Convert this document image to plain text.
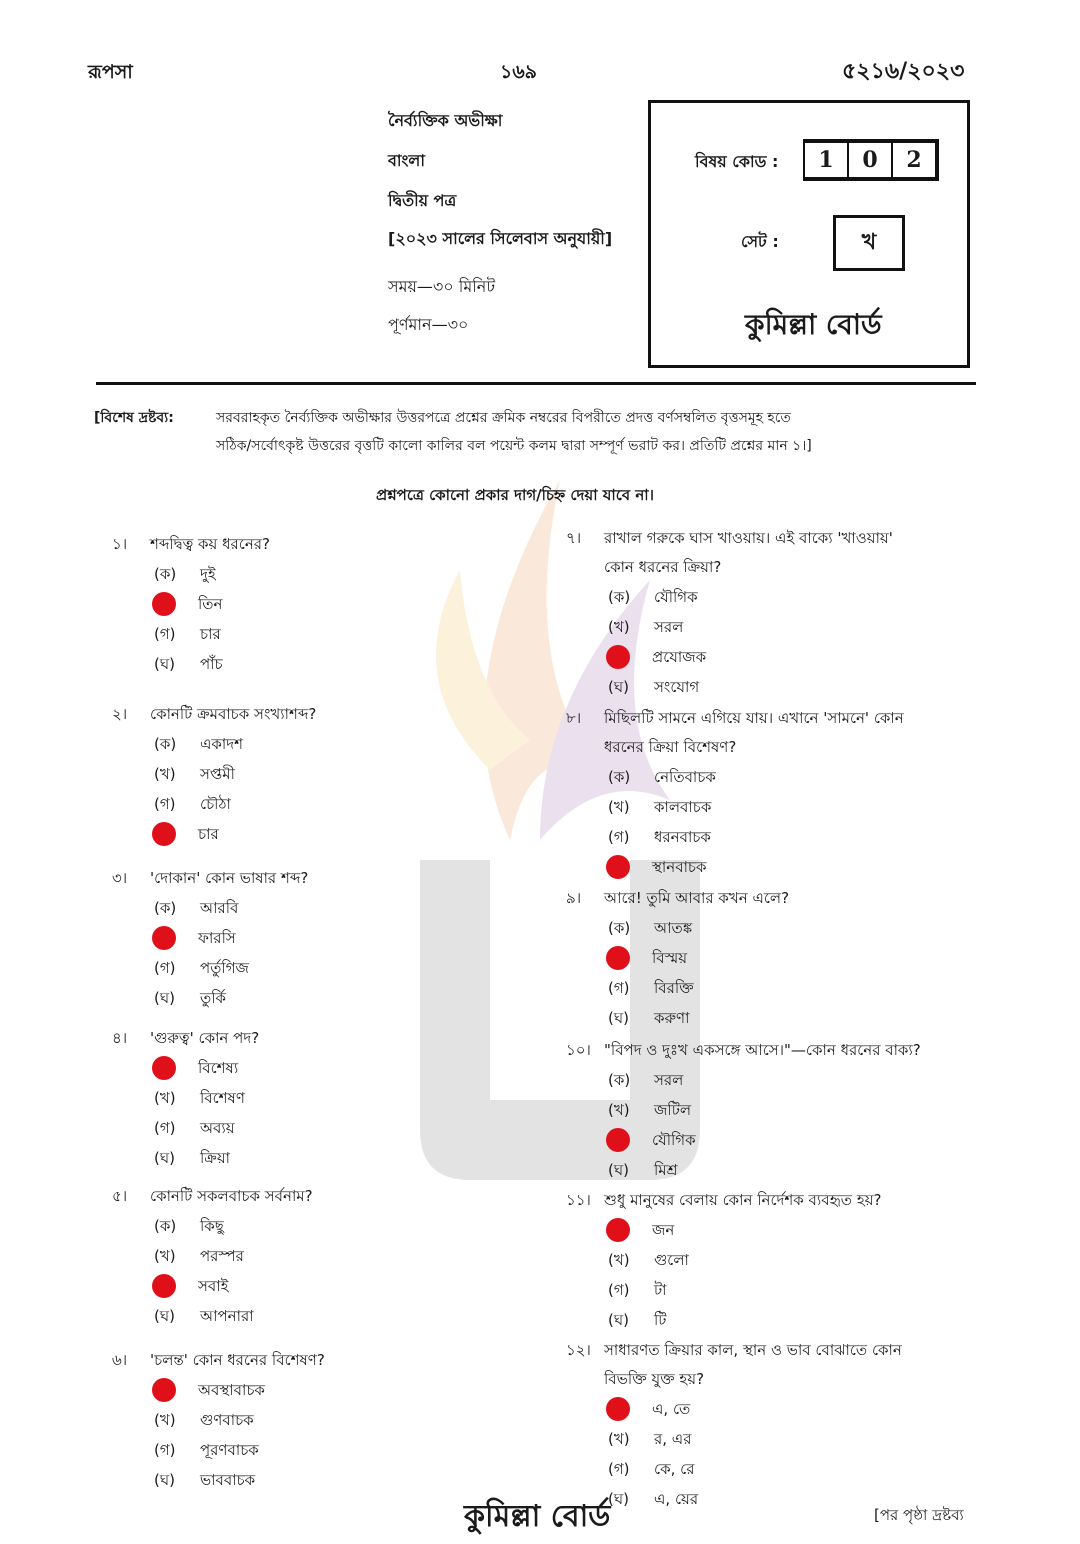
রূপসা	১৬৯	৫২১৬/২০২৩
নৈর্ব্যক্তিক অভীক্ষা
বাংলা
দ্বিতীয় পত্র
[২০২৩ সালের সিলেবাস অনুযায়ী]
সময়—৩০ মিনিট
পূর্ণমান—৩০
বিষয় কোড :	1	0	2
সেট :	খ
কুমিল্লা বোর্ড
[বিশেষ দ্রষ্টব্য:	সরবরাহকৃত নৈর্ব্যক্তিক অভীক্ষার উত্তরপত্রে প্রশ্নের ক্রমিক নম্বরের বিপরীতে প্রদত্ত বর্ণসম্বলিত বৃত্তসমূহ হতে
সঠিক/সর্বোৎকৃষ্ট উত্তরের বৃত্তটি কালো কালির বল পয়েন্ট কলম দ্বারা সম্পূর্ণ ভরাট কর। প্রতিটি প্রশ্নের মান ১।]
প্রশ্নপত্রে কোনো প্রকার দাগ/চিহ্ন দেয়া যাবে না।
১। শব্দদ্বিত্ব কয় ধরনের?
(ক)	দুই
তিন
(গ)	চার
(ঘ)	পাঁচ
২। কোনটি ক্রমবাচক সংখ্যাশব্দ?
(ক)	একাদশ
(খ)	সপ্তমী
(গ)	চৌঠা
চার
৩। 'দোকান' কোন ভাষার শব্দ?
(ক)	আরবি
ফারসি
(গ)	পর্তুগিজ
(ঘ)	তুর্কি
৪। 'গুরুত্ব' কোন পদ?
বিশেষ্য
(খ)	বিশেষণ
(গ)	অব্যয়
(ঘ)	ক্রিয়া
৫। কোনটি সকলবাচক সর্বনাম?
(ক)	কিছু
(খ)	পরস্পর
সবাই
(ঘ)	আপনারা
৬। 'চলন্ত' কোন ধরনের বিশেষণ?
অবস্থাবাচক
(খ)	গুণবাচক
(গ)	পূরণবাচক
(ঘ)	ভাববাচক
৭। রাখাল গরুকে ঘাস খাওয়ায়। এই বাক্যে 'খাওয়ায়'
কোন ধরনের ক্রিয়া?
(ক)	যৌগিক
(খ)	সরল
প্রযোজক
(ঘ)	সংযোগ
৮। মিছিলটি সামনে এগিয়ে যায়। এখানে 'সামনে' কোন
ধরনের ক্রিয়া বিশেষণ?
(ক)	নেতিবাচক
(খ)	কালবাচক
(গ)	ধরনবাচক
স্থানবাচক
৯। আরে! তুমি আবার কখন এলে?
(ক)	আতঙ্ক
বিস্ময়
(গ)	বিরক্তি
(ঘ)	করুণা
১০। "বিপদ ও দুঃখ একসঙ্গে আসে।"—কোন ধরনের বাক্য?
(ক)	সরল
(খ)	জটিল
যৌগিক
(ঘ)	মিশ্র
১১। শুধু মানুষের বেলায় কোন নির্দেশক ব্যবহৃত হয়?
জন
(খ)	গুলো
(গ)	টা
(ঘ)	টি
১২। সাধারণত ক্রিয়ার কাল, স্থান ও ভাব বোঝাতে কোন
বিভক্তি যুক্ত হয়?
এ, তে
(খ)	র, এর
(গ)	কে, রে
(ঘ)	এ, য়ের
কুমিল্লা বোর্ড	[পর পৃষ্ঠা দ্রষ্টব্য
